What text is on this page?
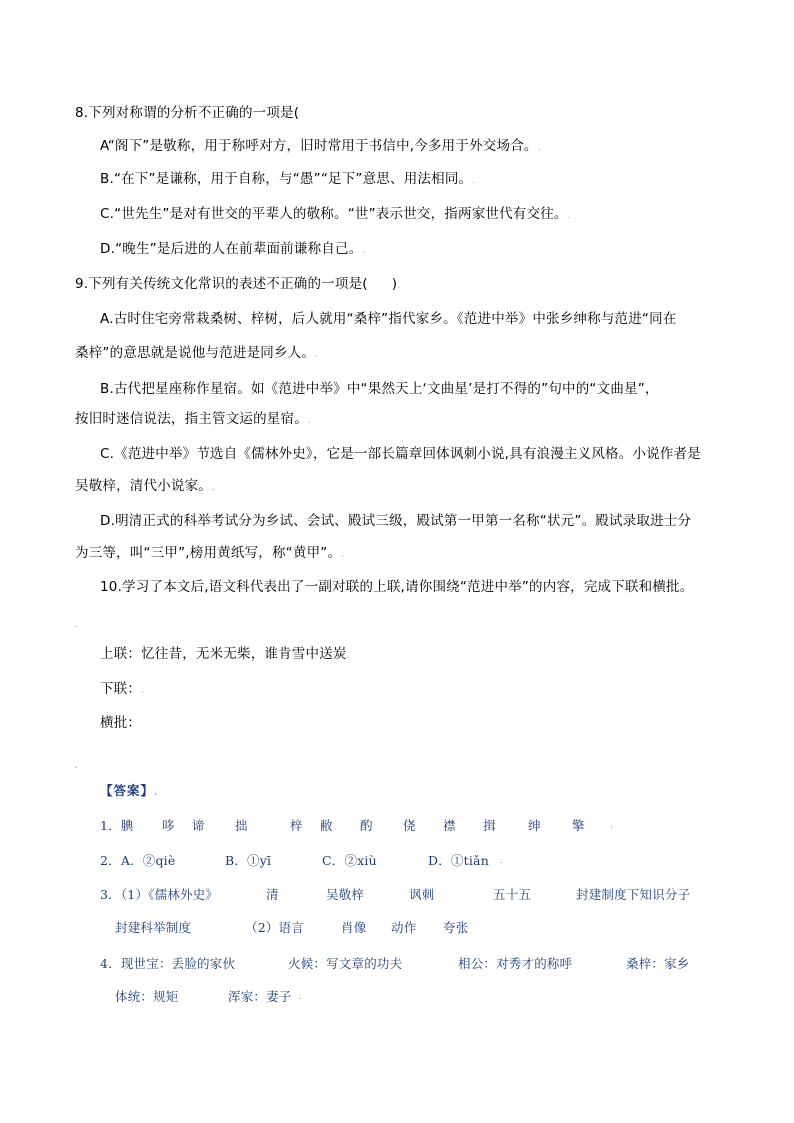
8.下列对称谓的分析不正确的一项是(
A“阁下”是敬称，用于称呼对方，旧时常用于书信中,今多用于外交场合。.
B.“在下”是谦称，用于自称，与“愚”“足下”意思、用法相同。.
C.“世先生”是对有世交的平辈人的敬称。“世”表示世交，指两家世代有交往。.
D.“晚生”是后进的人在前辈面前谦称自己。.
9.下列有关传统文化常识的表述不正确的一项是( ).
A.古时住宅旁常栽桑树、梓树，后人就用“桑梓”指代家乡。《范进中举》中张乡绅称与范进“同在
桑梓”的意思就是说他与范进是同乡人。.
B.古代把星座称作星宿。如《范进中举》中“果然天上‘文曲星’是打不得的”句中的“文曲星”，
按旧时迷信说法，指主管文运的星宿。.
C.《范进中举》节选自《儒林外史》，它是一部长篇章回体讽刺小说,具有浪漫主义风格。小说作者是
吴敬梓，清代小说家。.
D.明清正式的科举考试分为乡试、会试、殿试三级，殿试第一甲第一名称“状元”。殿试录取进士分
为三等，叫“三甲”,榜用黄纸写，称“黄甲”。.
10.学习了本文后,语文科代表出了一副对联的上联,请你围绕“范进中举”的内容，完成下联和横批。
.
上联：忆往昔，无米无柴，谁肯雪中送炭.
下联：.
横批：
.
【答案】.
1．腆 哆 谛 拙	梓 敝 酌 侥 襟 揖	绅	擎	.
2．A．②qiè	B．①yī	C．②xiù	D．①tiǎn .
3．（1）《儒林外史》	清	吴敬梓	讽刺	五十五	封建制度下知识分子
封建科举制度	（2）语言	肖像 动作 夸张
4．现世宝：丢脸的家伙	火候：写文章的功夫	相公：对秀才的称呼	桑梓：家乡
体统：规矩	浑家：妻子 .
